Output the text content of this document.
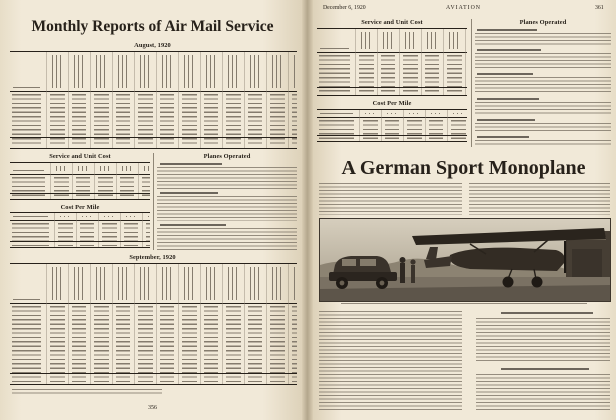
Monthly Reports of Air Mail Service
August, 1920
Service and Unit Cost
Cost Per Mile
Planes Operated
September, 1920
356
December 6, 1920	AVIATION	361
Service and Unit Cost
Cost Per Mile
Planes Operated
A German Sport Monoplane
